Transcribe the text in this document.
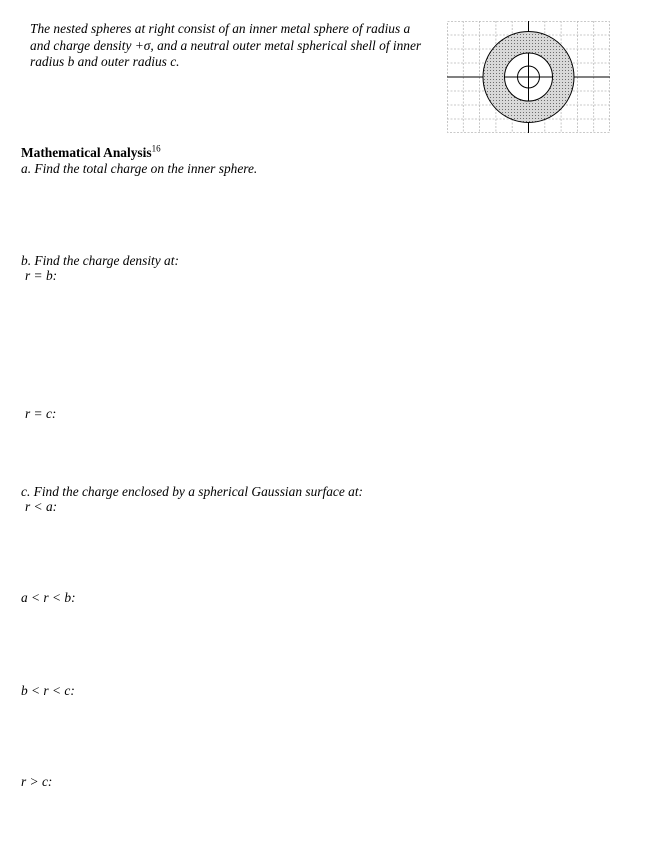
The nested spheres at right consist of an inner metal sphere of radius a and charge density +σ, and a neutral outer metal spherical shell of inner radius b and outer radius c.
Mathematical Analysis$^{16}$
a. Find the total charge on the inner sphere.
b. Find the charge density at:
r = b:
r = c:
c. Find the charge enclosed by a spherical Gaussian surface at:
r < a:
a < r < b:
b < r < c:
r > c:
